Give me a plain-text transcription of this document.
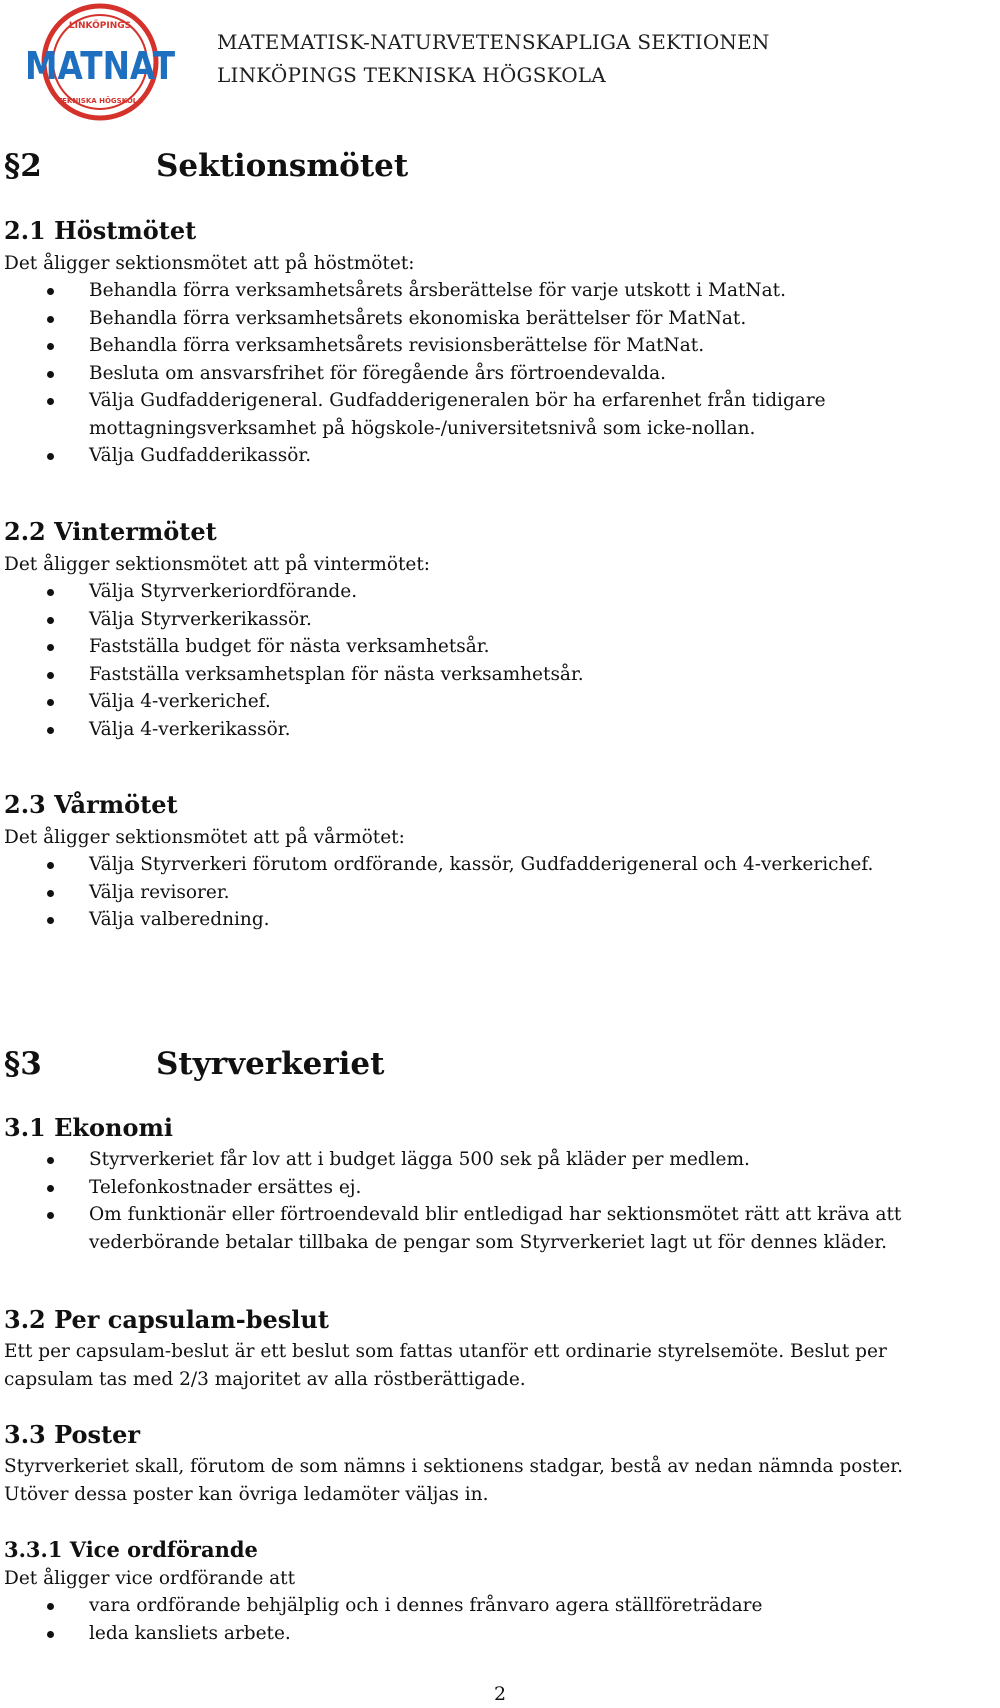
LINKÖPINGS
MATNAT
TEKNISKA HÖGSKOLA
MATEMATISK-NATURVETENSKAPLIGA SEKTIONEN
LINKÖPINGS TEKNISKA HÖGSKOLA
§2	Sektionsmötet
2.1 Höstmötet
Det åligger sektionsmötet att på höstmötet:
Behandla förra verksamhetsårets årsberättelse för varje utskott i MatNat.
Behandla förra verksamhetsårets ekonomiska berättelser för MatNat.
Behandla förra verksamhetsårets revisionsberättelse för MatNat.
Besluta om ansvarsfrihet för föregående års förtroendevalda.
Välja Gudfadderigeneral. Gudfadderigeneralen bör ha erfarenhet från tidigare mottagningsverksamhet på högskole-/universitetsnivå som icke-nollan.
Välja Gudfadderikassör.
2.2 Vintermötet
Det åligger sektionsmötet att på vintermötet:
Välja Styrverkeriordförande.
Välja Styrverkerikassör.
Fastställa budget för nästa verksamhetsår.
Fastställa verksamhetsplan för nästa verksamhetsår.
Välja 4-verkerichef.
Välja 4-verkerikassör.
2.3 Vårmötet
Det åligger sektionsmötet att på vårmötet:
Välja Styrverkeri förutom ordförande, kassör, Gudfadderigeneral och 4-verkerichef.
Välja revisorer.
Välja valberedning.
§3	Styrverkeriet
3.1 Ekonomi
Styrverkeriet får lov att i budget lägga 500 sek på kläder per medlem.
Telefonkostnader ersättes ej.
Om funktionär eller förtroendevald blir entledigad har sektionsmötet rätt att kräva att vederbörande betalar tillbaka de pengar som Styrverkeriet lagt ut för dennes kläder.
3.2 Per capsulam-beslut
Ett per capsulam-beslut är ett beslut som fattas utanför ett ordinarie styrelsemöte. Beslut per capsulam tas med 2/3 majoritet av alla röstberättigade.
3.3 Poster
Styrverkeriet skall, förutom de som nämns i sektionens stadgar, bestå av nedan nämnda poster. Utöver dessa poster kan övriga ledamöter väljas in.
3.3.1 Vice ordförande
Det åligger vice ordförande att
vara ordförande behjälplig och i dennes frånvaro agera ställföreträdare
leda kansliets arbete.
2
